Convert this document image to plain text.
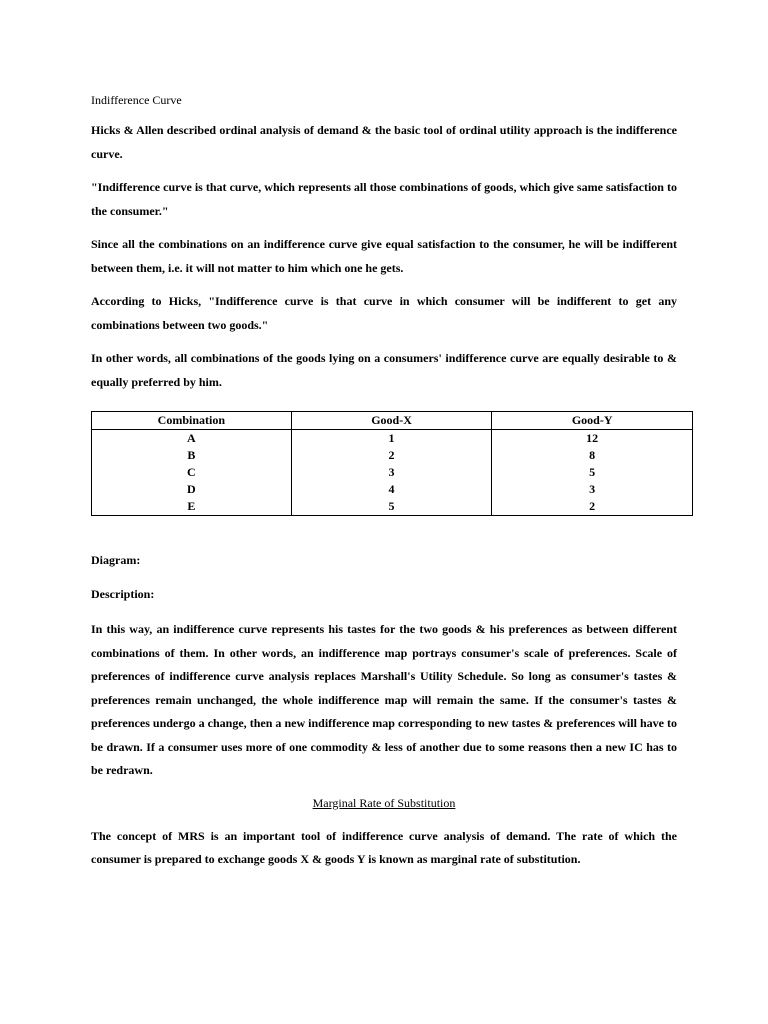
Indifference Curve

Hicks & Allen described ordinal analysis of demand & the basic tool of ordinal utility approach is the indifference curve.

"Indifference curve is that curve, which represents all those combinations of goods, which give same satisfaction to the consumer."

Since all the combinations on an indifference curve give equal satisfaction to the consumer, he will be indifferent between them, i.e. it will not matter to him which one he gets.

According to Hicks, "Indifference curve is that curve in which consumer will be indifferent to get any combinations between two goods."

In other words, all combinations of the goods lying on a consumers' indifference curve are equally desirable to & equally preferred by him.

Combination	Good-X	Good-Y
A	1	12
B	2	8
C	3	5
D	4	3
E	5	2
Diagram:
Description:

In this way, an indifference curve represents his tastes for the two goods & his preferences as between different combinations of them. In other words, an indifference map portrays consumer's scale of preferences. Scale of preferences of indifference curve analysis replaces Marshall's Utility Schedule. So long as consumer's tastes & preferences remain unchanged, the whole indifference map will remain the same. If the consumer's tastes & preferences undergo a change, then a new indifference map corresponding to new tastes & preferences will have to be drawn. If a consumer uses more of one commodity & less of another due to some reasons then a new IC has to be redrawn.

Marginal Rate of Substitution

The concept of MRS is an important tool of indifference curve analysis of demand. The rate of which the consumer is prepared to exchange goods X & goods Y is known as marginal rate of substitution.
